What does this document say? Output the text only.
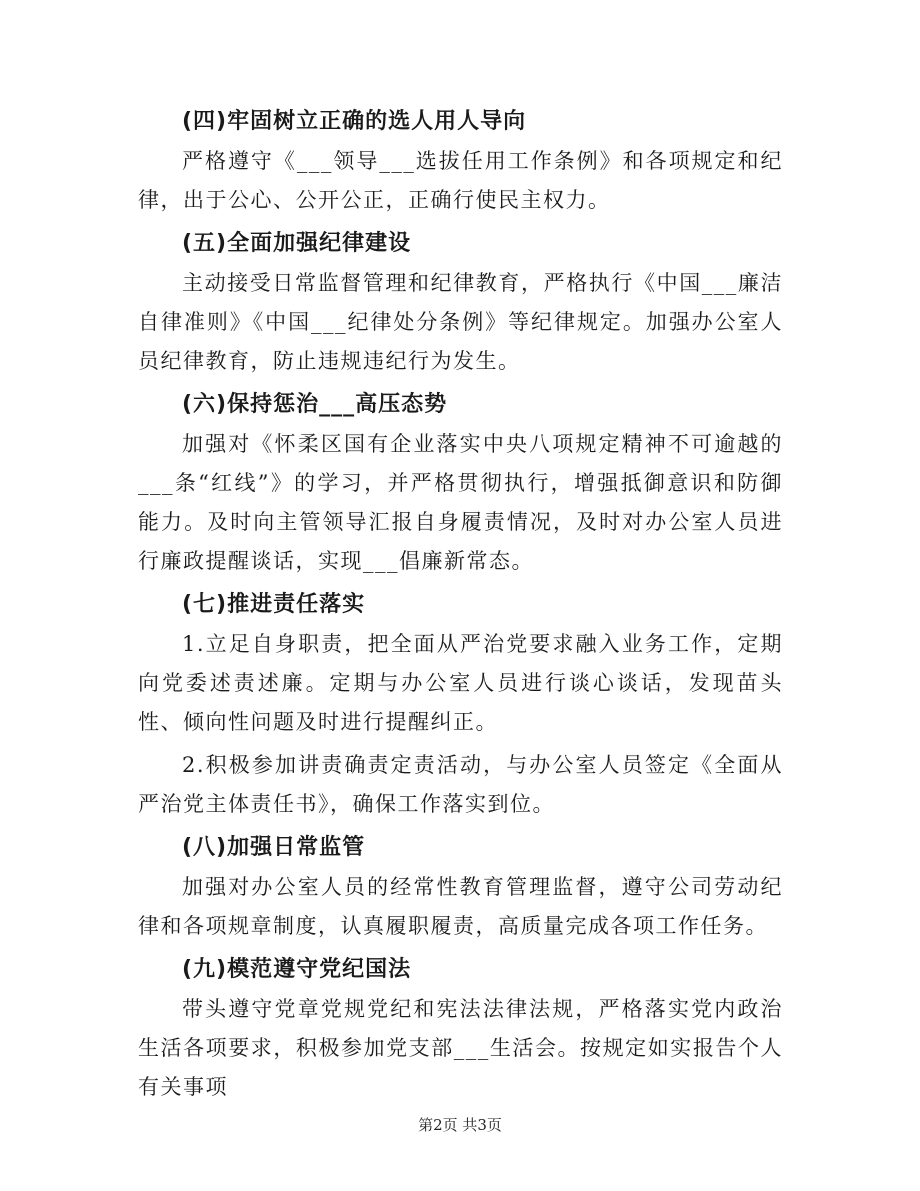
(四)牢固树立正确的选人用人导向

严格遵守《___领导___选拔任用工作条例》和各项规定和纪律，出于公心、公开公正，正确行使民主权力。

(五)全面加强纪律建设

主动接受日常监督管理和纪律教育，严格执行《中国___廉洁自律准则》《中国___纪律处分条例》等纪律规定。加强办公室人员纪律教育，防止违规违纪行为发生。

(六)保持惩治___高压态势

加强对《怀柔区国有企业落实中央八项规定精神不可逾越的___条“红线”》的学习，并严格贯彻执行，增强抵御意识和防御能力。及时向主管领导汇报自身履责情况，及时对办公室人员进行廉政提醒谈话，实现___倡廉新常态。

(七)推进责任落实

1.立足自身职责，把全面从严治党要求融入业务工作，定期向党委述责述廉。定期与办公室人员进行谈心谈话，发现苗头性、倾向性问题及时进行提醒纠正。

2.积极参加讲责确责定责活动，与办公室人员签定《全面从严治党主体责任书》，确保工作落实到位。

(八)加强日常监管

加强对办公室人员的经常性教育管理监督，遵守公司劳动纪律和各项规章制度，认真履职履责，高质量完成各项工作任务。

(九)模范遵守党纪国法

带头遵守党章党规党纪和宪法法律法规，严格落实党内政治生活各项要求，积极参加党支部___生活会。按规定如实报告个人有关事项

第2页 共3页
